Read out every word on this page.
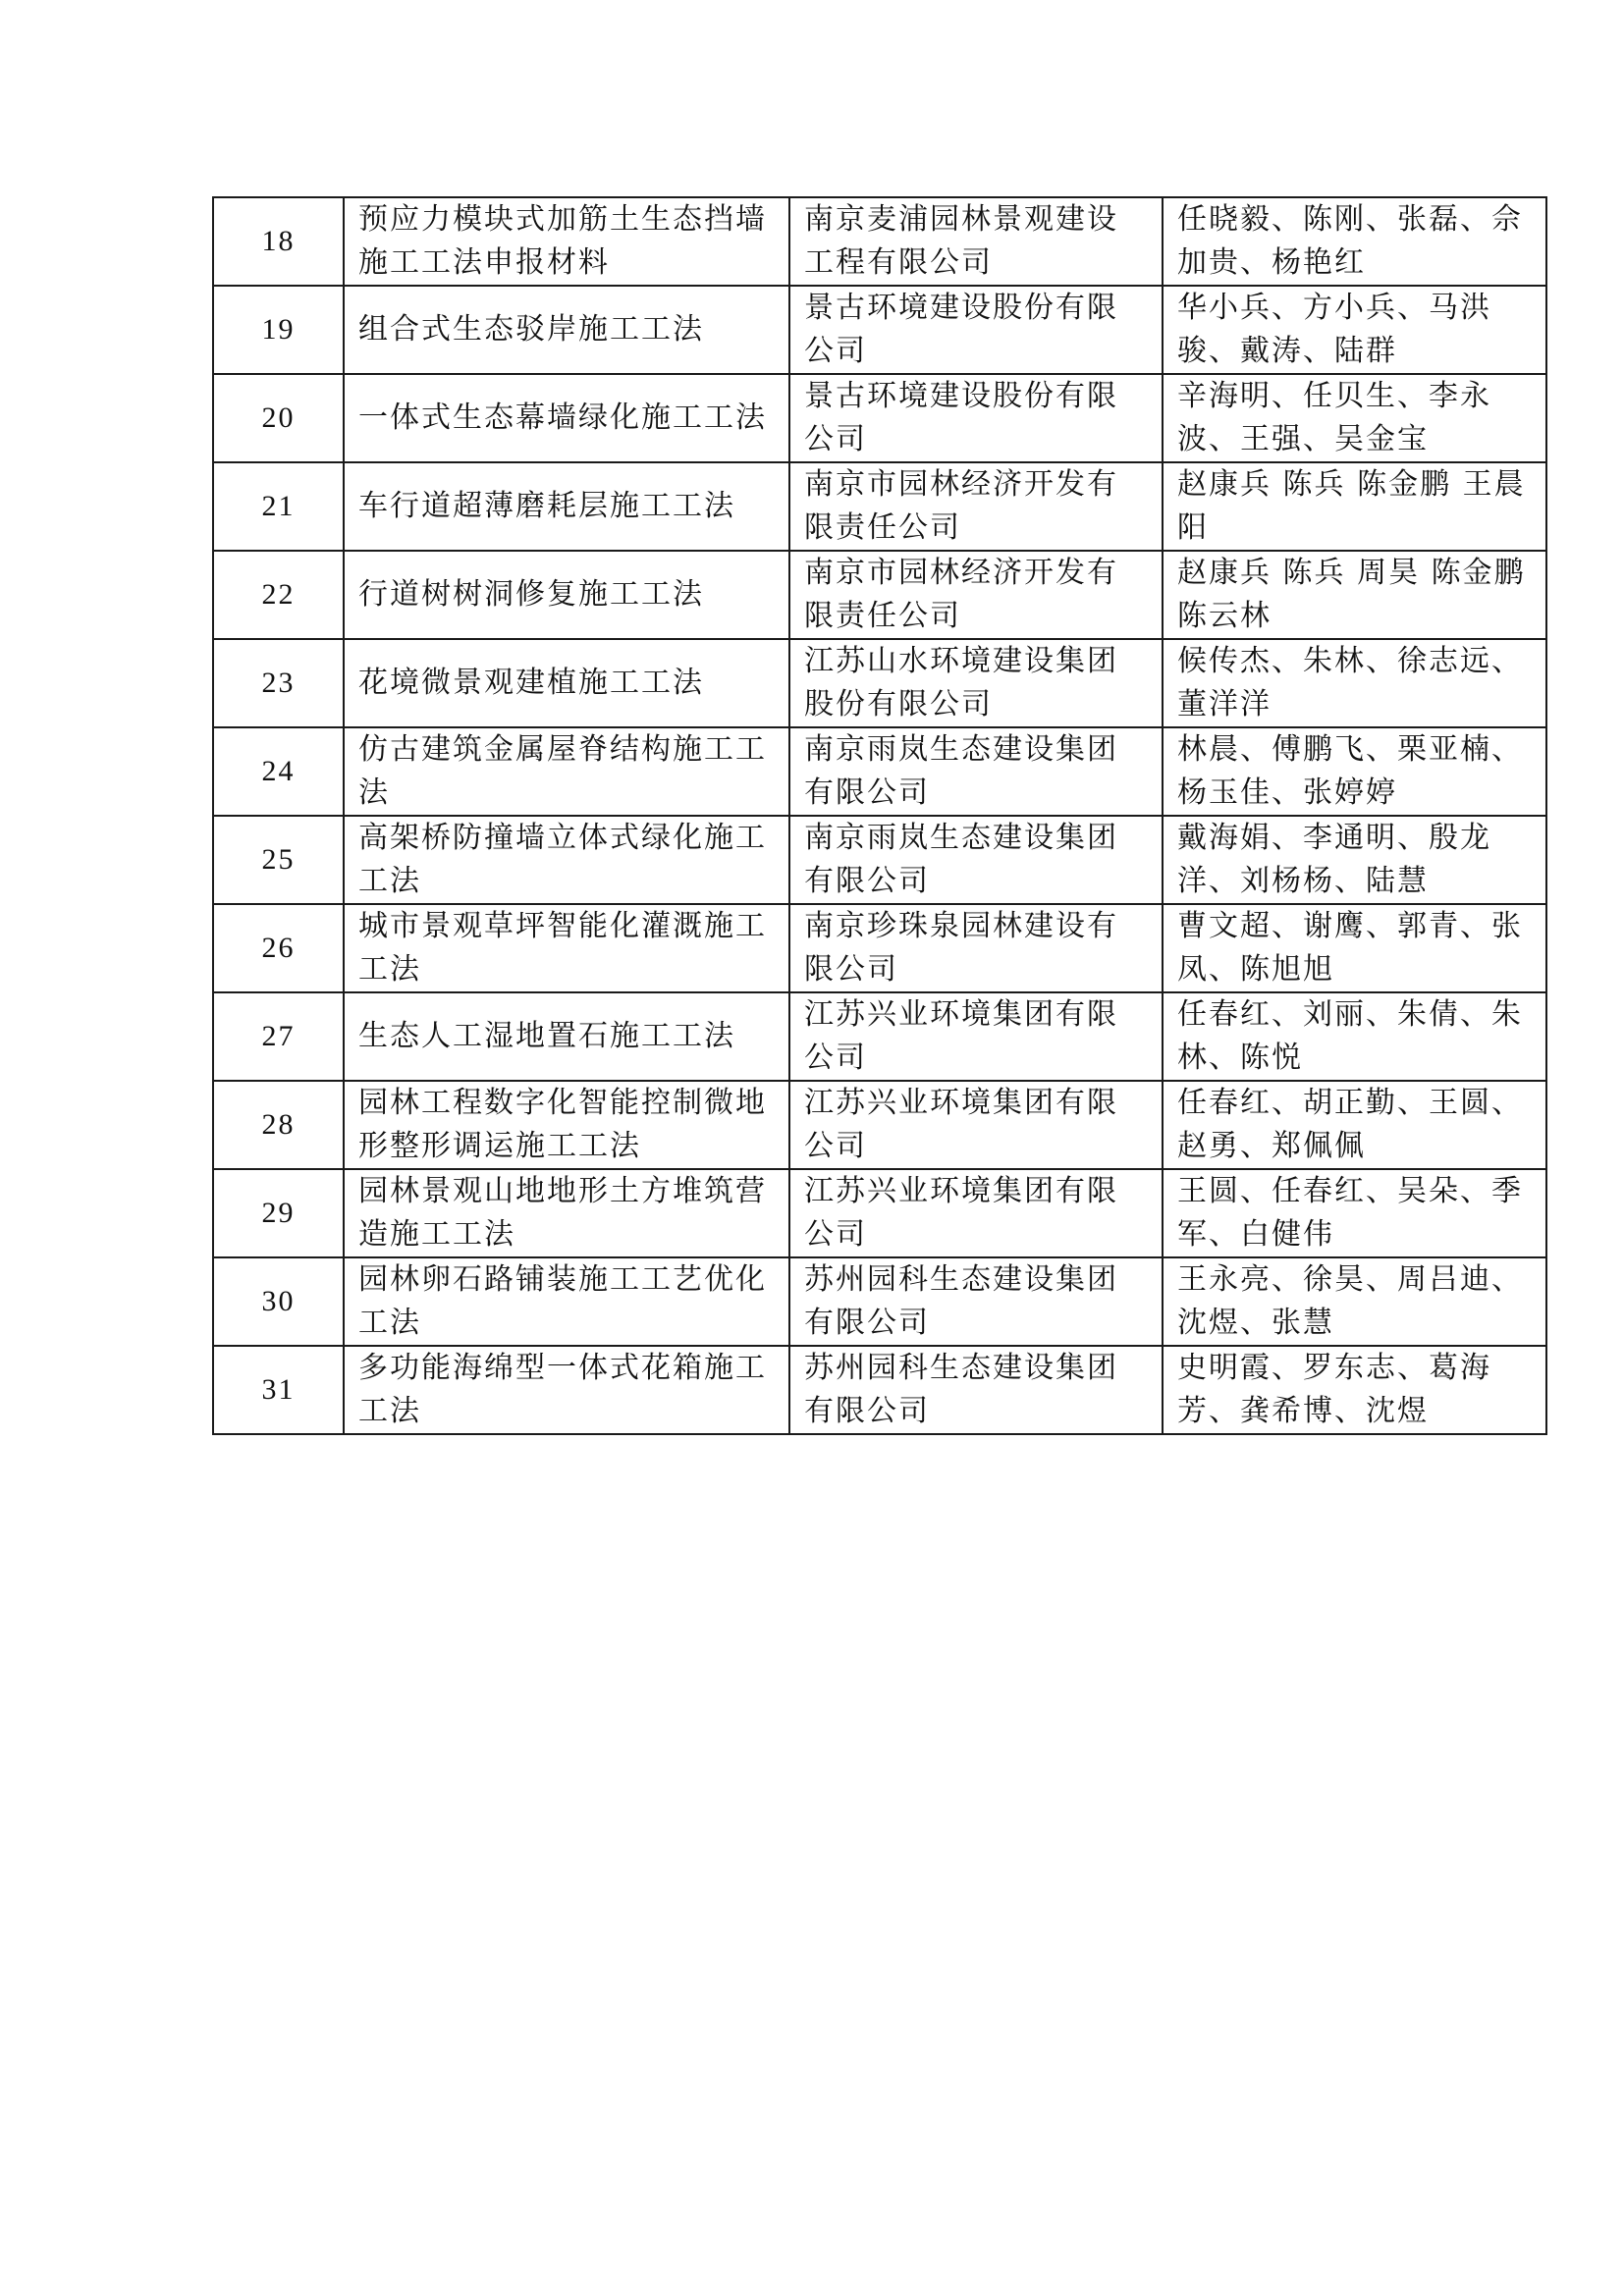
18	预应力模块式加筋土生态挡墙施工工法申报材料	南京麦浦园林景观建设工程有限公司	任晓毅、陈刚、张磊、佘加贵、杨艳红
19	组合式生态驳岸施工工法	景古环境建设股份有限公司	华小兵、方小兵、马洪骏、戴涛、陆群
20	一体式生态幕墙绿化施工工法	景古环境建设股份有限公司	辛海明、任贝生、李永波、王强、吴金宝
21	车行道超薄磨耗层施工工法	南京市园林经济开发有限责任公司	赵康兵 陈兵 陈金鹏 王晨阳
22	行道树树洞修复施工工法	南京市园林经济开发有限责任公司	赵康兵 陈兵 周昊 陈金鹏 陈云林
23	花境微景观建植施工工法	江苏山水环境建设集团股份有限公司	候传杰、朱林、徐志远、董洋洋
24	仿古建筑金属屋脊结构施工工法	南京雨岚生态建设集团有限公司	林晨、傅鹏飞、栗亚楠、杨玉佳、张婷婷
25	高架桥防撞墙立体式绿化施工工法	南京雨岚生态建设集团有限公司	戴海娟、李通明、殷龙洋、刘杨杨、陆慧
26	城市景观草坪智能化灌溉施工工法	南京珍珠泉园林建设有限公司	曹文超、谢鹰、郭青、张凤、陈旭旭
27	生态人工湿地置石施工工法	江苏兴业环境集团有限公司	任春红、刘丽、朱倩、朱林、陈悦
28	园林工程数字化智能控制微地形整形调运施工工法	江苏兴业环境集团有限公司	任春红、胡正勤、王圆、赵勇、郑佩佩
29	园林景观山地地形土方堆筑营造施工工法	江苏兴业环境集团有限公司	王圆、任春红、吴朵、季军、白健伟
30	园林卵石路铺装施工工艺优化工法	苏州园科生态建设集团有限公司	王永亮、徐昊、周吕迪、沈煜、张慧
31	多功能海绵型一体式花箱施工工法	苏州园科生态建设集团有限公司	史明霞、罗东志、葛海芳、龚希博、沈煜
